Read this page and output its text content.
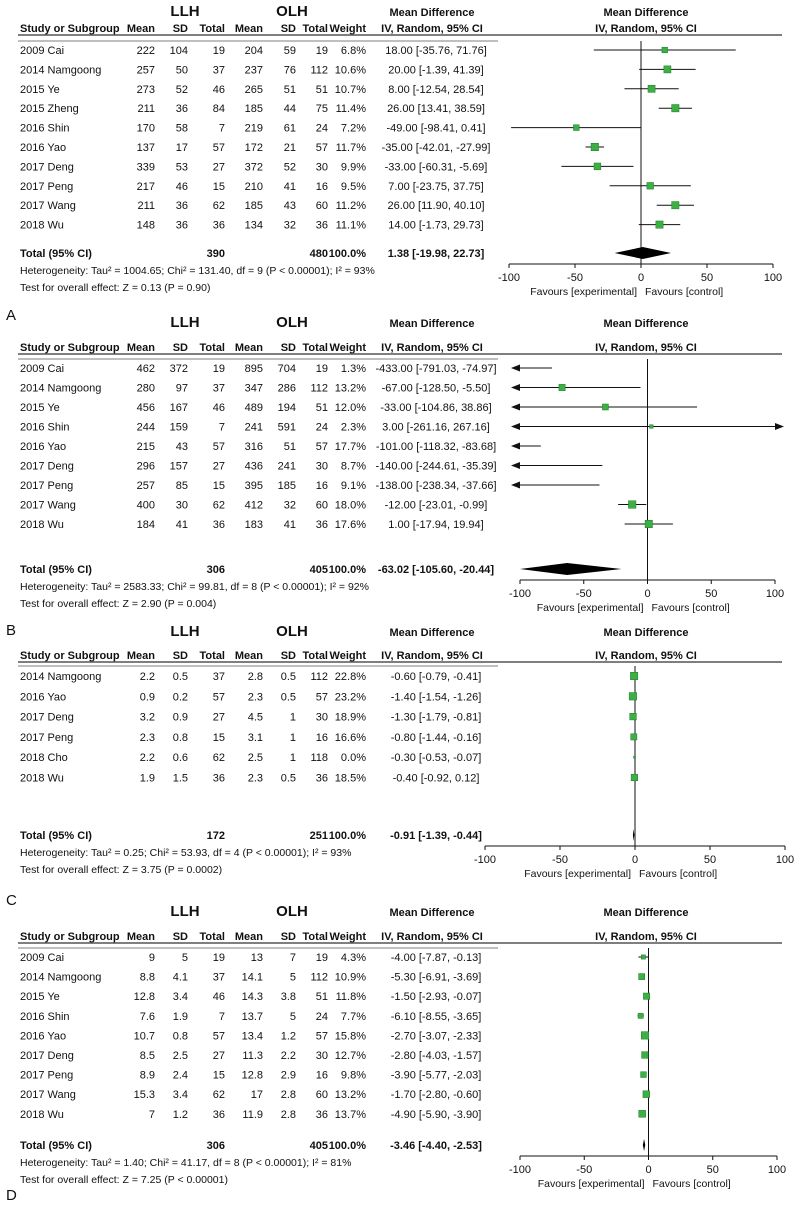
LLH	OLH	Mean Difference	Mean Difference
Study or Subgroup Mean SD Total Mean SD Total Weight IV, Random, 95% CI	IV, Random, 95% CI
2009 Cai	222 104 19 204 59 19 6.8% 18.00 [-35.76, 71.76]
2014 Namgoong	257 50 37 237 76 112 10.6% 20.00 [-1.39, 41.39]
2015 Ye	273 52 46 265 51 51 10.7% 8.00 [-12.54, 28.54]
2015 Zheng	211 36 84 185 44 75 11.4% 26.00 [13.41, 38.59]
2016 Shin	170 58	7 219 61 24 7.2% -49.00 [-98.41, 0.41]
2016 Yao	137 17 57 172 21 57 11.7% -35.00 [-42.01, -27.99]
2017 Deng	339 53 27 372 52 30 9.9% -33.00 [-60.31, -5.69]
2017 Peng	217 46 15 210 41 16 9.5% 7.00 [-23.75, 37.75]
2017 Wang	211 36 62 185 43 60 11.2% 26.00 [11.90, 40.10]
2018 Wu	148 36 36 134 32 36 11.1% 14.00 [-1.73, 29.73]
Total (95% CI)	390	480 100.0% 1.38 [-19.98, 22.73]
Heterogeneity: Tau² = 1004.65; Chi² = 131.40, df = 9 (P < 0.00001); I² = 93%
Test for overall effect: Z = 0.13 (P = 0.90)
-100	-50	0	50	100
Favours [experimental] Favours [control]
A	LLH	OLH	Mean Difference	Mean Difference
Study or Subgroup Mean SD Total Mean SD Total Weight IV, Random, 95% CI	IV, Random, 95% CI
2009 Cai	462 372 19 895 704 19 1.3% -433.00 [-791.03, -74.97]
2014 Namgoong	280 97 37 347 286 112 13.2% -67.00 [-128.50, -5.50]
2015 Ye	456 167 46 489 194 51 12.0% -33.00 [-104.86, 38.86]
2016 Shin	244 159	7 241 591 24 2.3% 3.00 [-261.16, 267.16]
2016 Yao	215 43 57 316 51 57 17.7% -101.00 [-118.32, -83.68]
2017 Deng	296 157 27 436 241 30 8.7% -140.00 [-244.61, -35.39]
2017 Peng	257 85 15 395 185 16 9.1% -138.00 [-238.34, -37.66]
2017 Wang	400 30 62 412 32 60 18.0% -12.00 [-23.01, -0.99]
2018 Wu	184 41 36 183 41 36 17.6% 1.00 [-17.94, 19.94]
Total (95% CI)	306	405 100.0% -63.02 [-105.60, -20.44]
Heterogeneity: Tau² = 2583.33; Chi² = 99.81, df = 8 (P < 0.00001); I² = 92%
Test for overall effect: Z = 2.90 (P = 0.004)
-100	-50	0	50	100
Favours [experimental] Favours [control]
B	LLH	OLH	Mean Difference	Mean Difference
Study or Subgroup Mean SD Total Mean SD Total Weight IV, Random, 95% CI	IV, Random, 95% CI
2014 Namgoong	2.2 0.5 37 2.8 0.5 112 22.8% -0.60 [-0.79, -0.41]
2016 Yao	0.9 0.2 57 2.3 0.5 57 23.2% -1.40 [-1.54, -1.26]
2017 Deng	3.2 0.9 27 4.5 1 30 18.9% -1.30 [-1.79, -0.81]
2017 Peng	2.3 0.8 15 3.1 1 16 16.6% -0.80 [-1.44, -0.16]
2018 Cho	2.2 0.6 62 2.5 1 118 0.0% -0.30 [-0.53, -0.07]
2018 Wu	1.9 1.5 36 2.3 0.5 36 18.5% -0.40 [-0.92, 0.12]
Total (95% CI)	172	251 100.0% -0.91 [-1.39, -0.44]
Heterogeneity: Tau² = 0.25; Chi² = 53.93, df = 4 (P < 0.00001); I² = 93%
Test for overall effect: Z = 3.75 (P = 0.0002)
-100	-50	0	50	100
Favours [experimental] Favours [control]
C
LLH	OLH	Mean Difference	Mean Difference
Study or Subgroup Mean SD Total Mean SD Total Weight IV, Random, 95% CI	IV, Random, 95% CI
2009 Cai	9 5 19 13 7 19 4.3% -4.00 [-7.87, -0.13]
2014 Namgoong	8.8 4.1 37 14.1 5 112 10.9% -5.30 [-6.91, -3.69]
2015 Ye	12.8 3.4 46 14.3 3.8 51 11.8% -1.50 [-2.93, -0.07]
2016 Shin	7.6 1.9	7 13.7 5 24 7.7% -6.10 [-8.55, -3.65]
2016 Yao	10.7 0.8 57 13.4 1.2 57 15.8% -2.70 [-3.07, -2.33]
2017 Deng	8.5 2.5 27 11.3 2.2 30 12.7% -2.80 [-4.03, -1.57]
2017 Peng	8.9 2.4 15 12.8 2.9 16 9.8% -3.90 [-5.77, -2.03]
2017 Wang	15.3 3.4 62 17 2.8 60 13.2% -1.70 [-2.80, -0.60]
2018 Wu	7 1.2 36 11.9 2.8 36 13.7% -4.90 [-5.90, -3.90]
Total (95% CI)	306	405 100.0% -3.46 [-4.40, -2.53]
Heterogeneity: Tau² = 1.40; Chi² = 41.17, df = 8 (P < 0.00001); I² = 81%
Test for overall effect: Z = 7.25 (P < 0.00001)
-100	-50	0	50	100
Favours [experimental] Favours [control]
D
